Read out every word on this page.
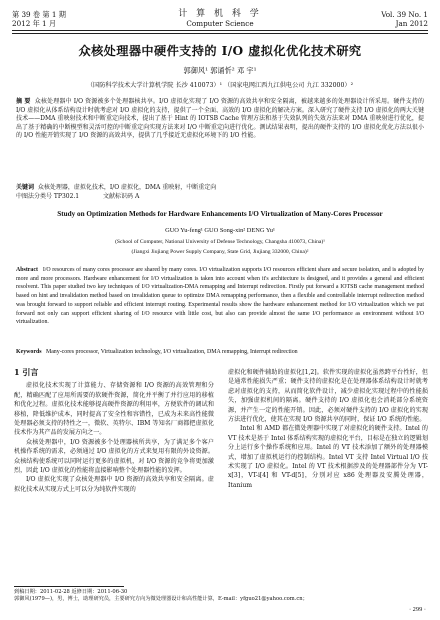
第 39 卷 第 1 期
2012 年 1 月
计 算 机 科 学
Computer Science
Vol. 39 No. 1
Jan 2012
众核处理器中硬件支持的 I/O 虚拟化优化技术研究
郭御风¹ 郭诵忻² 邓 宇¹
（国防科学技术大学计算机学院 长沙 410073）¹ （国家电网江西九江供电公司 九江 332000）²
摘 要 众核处理器中 I/O 资源被多个处理器核共享。I/O 虚拟化实现了 I/O 资源的高效共享和安全隔离，被越来越多的处理器设计所采用。硬件支持的 I/O 虚拟化从体系结构设计时就考虑对 I/O 虚拟化的支持，提供了一个全面、高效的 I/O 虚拟化的解决方案。深入研究了硬件支持 I/O 虚拟化的两大关键技术——DMA 重映射技术和中断重定向技术，提出了基于 Hint 的 IOTSB Cache 管理方法和基于失效队列的失效方法来对 DMA 重映射进行优化，提出了基于精确的中断模型和灵活可控的中断重定向实现方法来对 I/O 中断重定向进行优化。测试结果表明，提出的硬件支持的 I/O 虚拟化优化方法以很小的 I/O 性能开销实现了 I/O 资源的高效共享，提供了几乎接近无虚拟化环境下的 I/O 性能。
关键词 众核处理器，虚拟化技术，I/O 虚拟化，DMA 重映射，中断重定向
中图法分类号 TP302.1	文献标识码 A
Study on Optimization Methods for Hardware Enhancements I/O Virtualization of Many-Cores Processor
GUO Yu-feng¹ GUO Song-xin² DENG Yu¹
(School of Computer, National University of Defense Technology, Changsha 410073, China)¹
(Jiangxi Jiujiang Power Supply Company, State Grid, Jiujiang 332000, China)²
Abstract I/O resources of many cores processor are shared by many cores. I/O virtualization supports I/O resources efficient share and secure isolation, and is adopted by more and more processors. Hardware enhancement for I/O virtualization is taken into account when it's architecture is designed, and it provides a general and efficient resolvent. This paper studied two key techniques of I/O virtualization-DMA remapping and Interrupt redirection. Firstly put forward a IOTSB cache management method based on hint and invalidation method based on invalidation queue to optimize DMA remapping performance, then a flexible and controllable interrupt redirection method was brought forward to support reliable and efficient interrupt routing. Experimental results show the hardware enhancement method for I/O virtualization which we put forward not only can support efficient sharing of I/O resource with little cost, but also can provide almost the same I/O performance as environment without I/O virtualization.
Keywords Many-cores processor, Virtualization technology, I/O virtualization, DMA remapping, Interrupt redirection
1 引言

虚拟化技术实现了计算能力、存储资源和 I/O 资源的高效管理和分配，精确匹配了应用所需要的软硬件资源，简化并平衡了并行应用的移植和优化过程。虚拟化技术能够提高硬件资源的利用率，方便软件的调试和移植，降低维护成本，同时提高了安全性和容错性，已成为未来高性能微处理器必须支持的特性之一，微软、英特尔、IBM 等知名厂商都把虚拟化技术作为其产品的发展方向之一。

众核处理器中，I/O 资源被多个处理器核所共享，为了满足多个客户机操作系统的需求，必须通过 I/O 虚拟化的方式来复用有限的外设资源。众核结构使系统可以同时运行更多的虚拟机，对 I/O 资源的竞争将更加激烈，因此 I/O 虚拟化的性能将直接影响整个处理器性能的发挥。

I/O 虚拟化实现了众核处理器中 I/O 资源的高效共享和安全隔离。虚拟化技术从实现方式上可以分为纯软件实现的

虚拟化和硬件辅助的虚拟化[1,2]。软件实现的虚拟化虽然跨平台性好，但是通常性能损失严重；硬件支持的虚拟化是在处理器体系结构设计时就考虑对虚拟化的支持，从而简化软件设计，减少虚拟化实现过程中的性能损失，加强虚拟机间的隔离。硬件支持的 I/O 虚拟化也会消耗部分系统资源，并产生一定的性能开销。因此，必须对硬件支持的 I/O 虚拟化的实现方法进行优化，使其在实现 I/O 资源共享的同时，保证 I/O 系统的性能。

Intel 和 AMD 都在微处理器中实现了对虚拟化的硬件支持。Intel 的 VT 技术是基于 Intel 体系结构实现的虚拟化平台，目标是在独立的逻辑划分上运行多个操作系统和应用。Intel 的 VT 技术添加了额外的处理器模式，增加了虚拟机运行的控制结构。Intel VT 支持 Intel Virtual I/O 技术实现了 I/O 虚拟化。Intel 的 VT 技术根据涉及的处理器部件分为 VT-x[3]，VT-i[4] 和 VT-d[5]，分别对应 x86 处理器及安腾处理器，Itanium

到稿日期：2011-02-28 返修日期：2011-06-30
郭御风(1979—)，男，博士，助理研究员，主要研究方向为微处理器设计和高性能计算，E-mail：yfguo21@yahoo.com.cn；
· 299 ·
